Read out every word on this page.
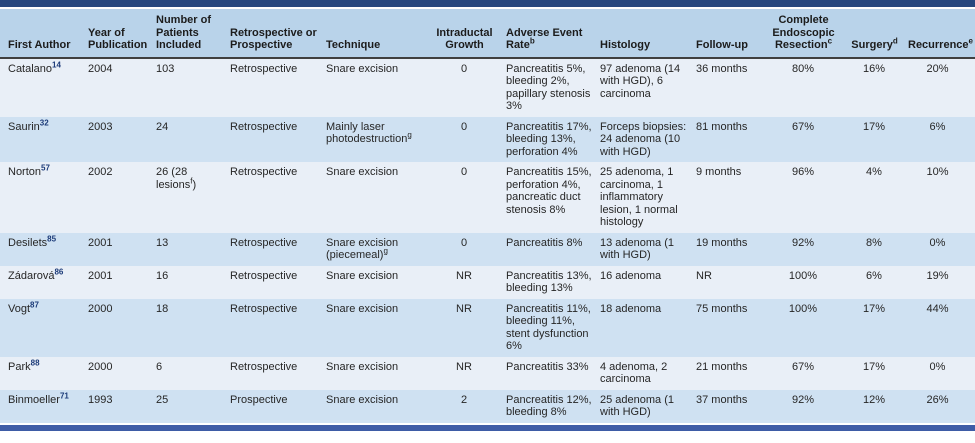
First Author	Year of Publication	Number of Patients Included	Retrospective or Prospective	Technique	Intraductal Growth	Adverse Event Rate$^b$	Histology	Follow-up	Complete Endoscopic Resection$^c$	Surgery$^d$	Recurrence$^e$
Catalano$^{14}$	2004	103	Retrospective	Snare excision	0	Pancreatitis 5%, bleeding 2%, papillary stenosis 3%	97 adenoma (14 with HGD), 6 carcinoma	36 months	80%	16%	20%
Saurin$^{32}$	2003	24	Retrospective	Mainly laser photodestruction$^g$	0	Pancreatitis 17%, bleeding 13%, perforation 4%	Forceps biopsies: 24 adenoma (10 with HGD)	81 months	67%	17%	6%
Norton$^{57}$	2002	26 (28 lesions$^f$)	Retrospective	Snare excision	0	Pancreatitis 15%, perforation 4%, pancreatic duct stenosis 8%	25 adenoma, 1 carcinoma, 1 inflammatory lesion, 1 normal histology	9 months	96%	4%	10%
Desilets$^{85}$	2001	13	Retrospective	Snare excision (piecemeal)$^g$	0	Pancreatitis 8%	13 adenoma (1 with HGD)	19 months	92%	8%	0%
Zádarová$^{86}$	2001	16	Retrospective	Snare excision	NR	Pancreatitis 13%, bleeding 13%	16 adenoma	NR	100%	6%	19%
Vogt$^{87}$	2000	18	Retrospective	Snare excision	NR	Pancreatitis 11%, bleeding 11%, stent dysfunction 6%	18 adenoma	75 months	100%	17%	44%
Park$^{88}$	2000	6	Retrospective	Snare excision	NR	Pancreatitis 33%	4 adenoma, 2 carcinoma	21 months	67%	17%	0%
Binmoeller$^{71}$	1993	25	Prospective	Snare excision	2	Pancreatitis 12%, bleeding 8%	25 adenoma (1 with HGD)	37 months	92%	12%	26%
